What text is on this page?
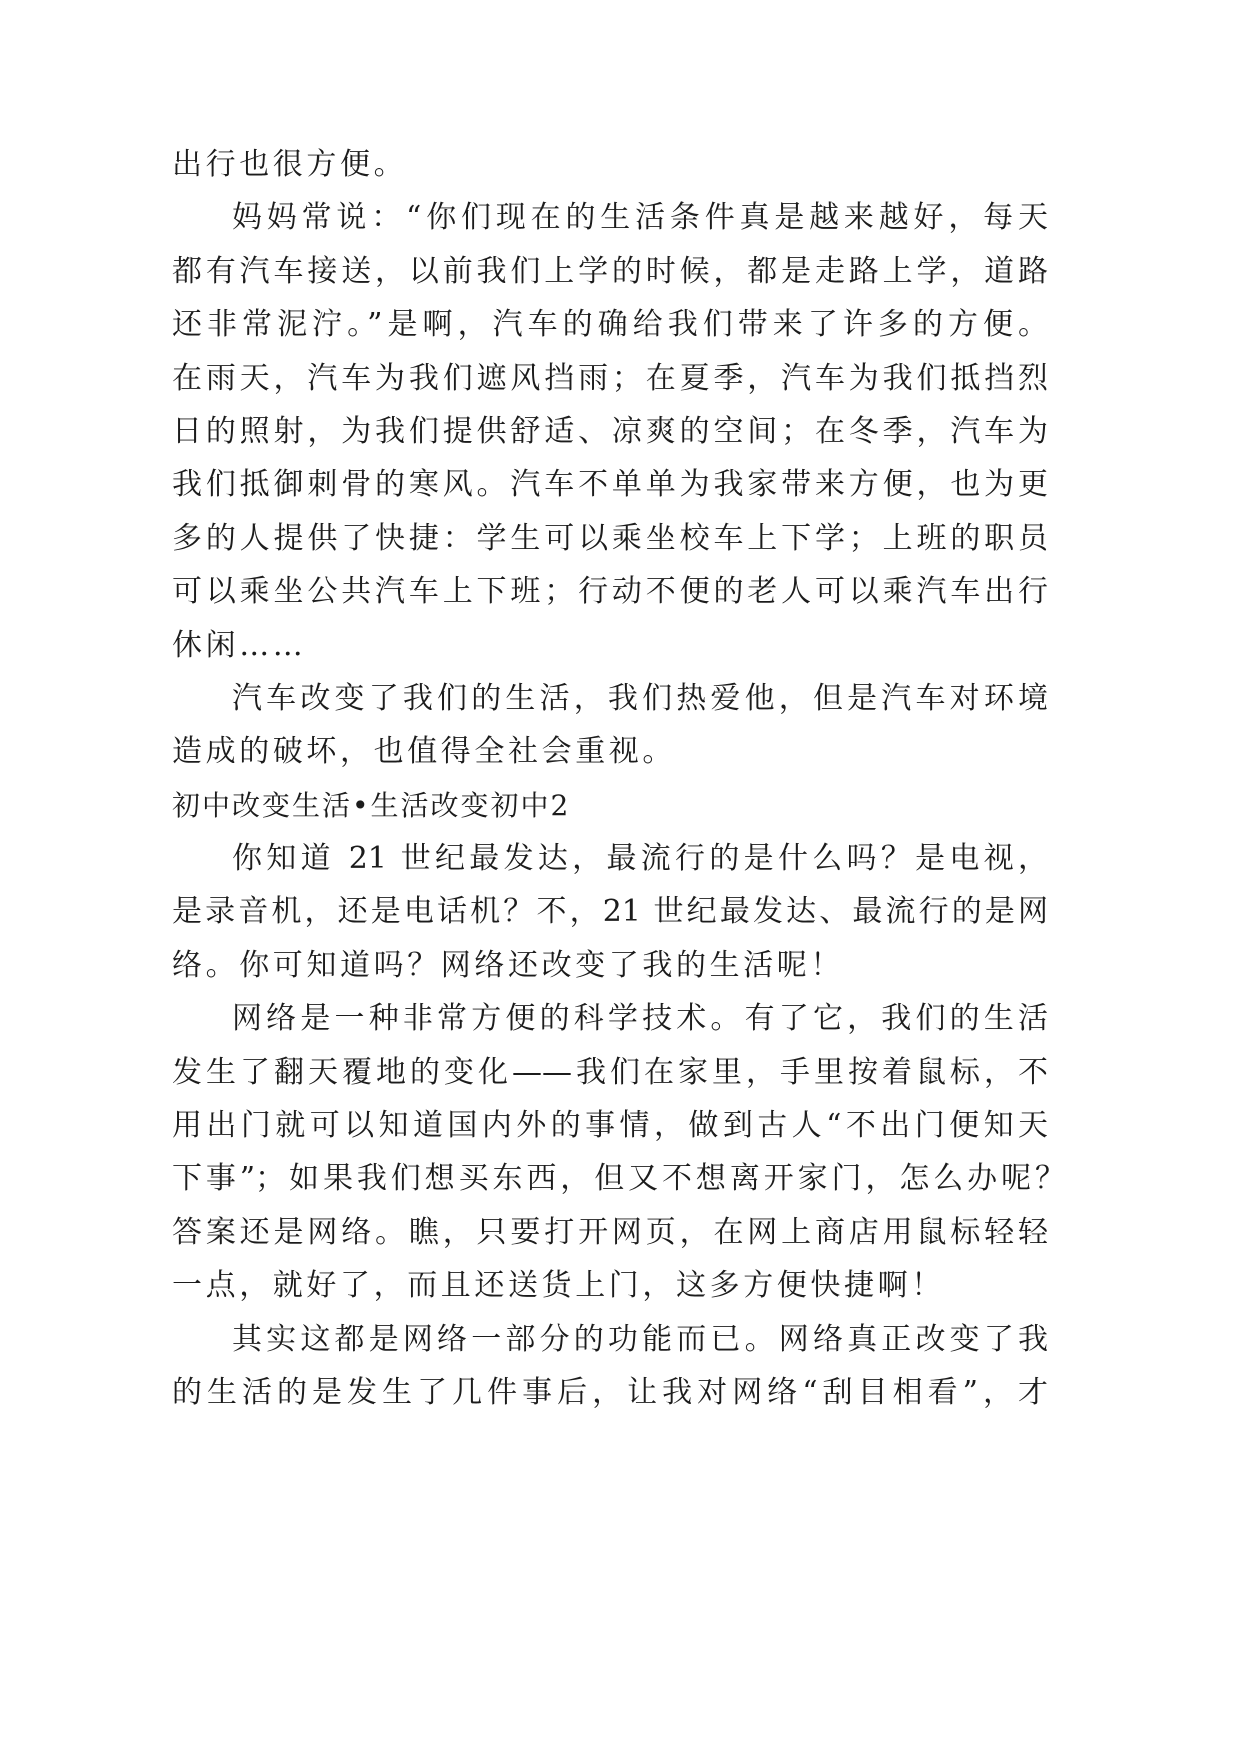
出行也很方便。
妈妈常说：“你们现在的生活条件真是越来越好，每天
都有汽车接送，以前我们上学的时候，都是走路上学，道路
还非常泥泞。”是啊，汽车的确给我们带来了许多的方便。
在雨天，汽车为我们遮风挡雨；在夏季，汽车为我们抵挡烈
日的照射，为我们提供舒适、凉爽的空间；在冬季，汽车为
我们抵御刺骨的寒风。汽车不单单为我家带来方便，也为更
多的人提供了快捷：学生可以乘坐校车上下学；上班的职员
可以乘坐公共汽车上下班；行动不便的老人可以乘汽车出行
休闲……
汽车改变了我们的生活，我们热爱他，但是汽车对环境
造成的破坏，也值得全社会重视。
初中改变生活•生活改变初中2
你知道 21 世纪最发达，最流行的是什么吗？是电视，
是录音机，还是电话机？不，21 世纪最发达、最流行的是网
络。你可知道吗？网络还改变了我的生活呢！
网络是一种非常方便的科学技术。有了它，我们的生活
发生了翻天覆地的变化——我们在家里，手里按着鼠标，不
用出门就可以知道国内外的事情，做到古人“不出门便知天
下事”；如果我们想买东西，但又不想离开家门，怎么办呢？
答案还是网络。瞧，只要打开网页，在网上商店用鼠标轻轻
一点，就好了，而且还送货上门，这多方便快捷啊！
其实这都是网络一部分的功能而已。网络真正改变了我
的生活的是发生了几件事后，让我对网络“刮目相看”，才
